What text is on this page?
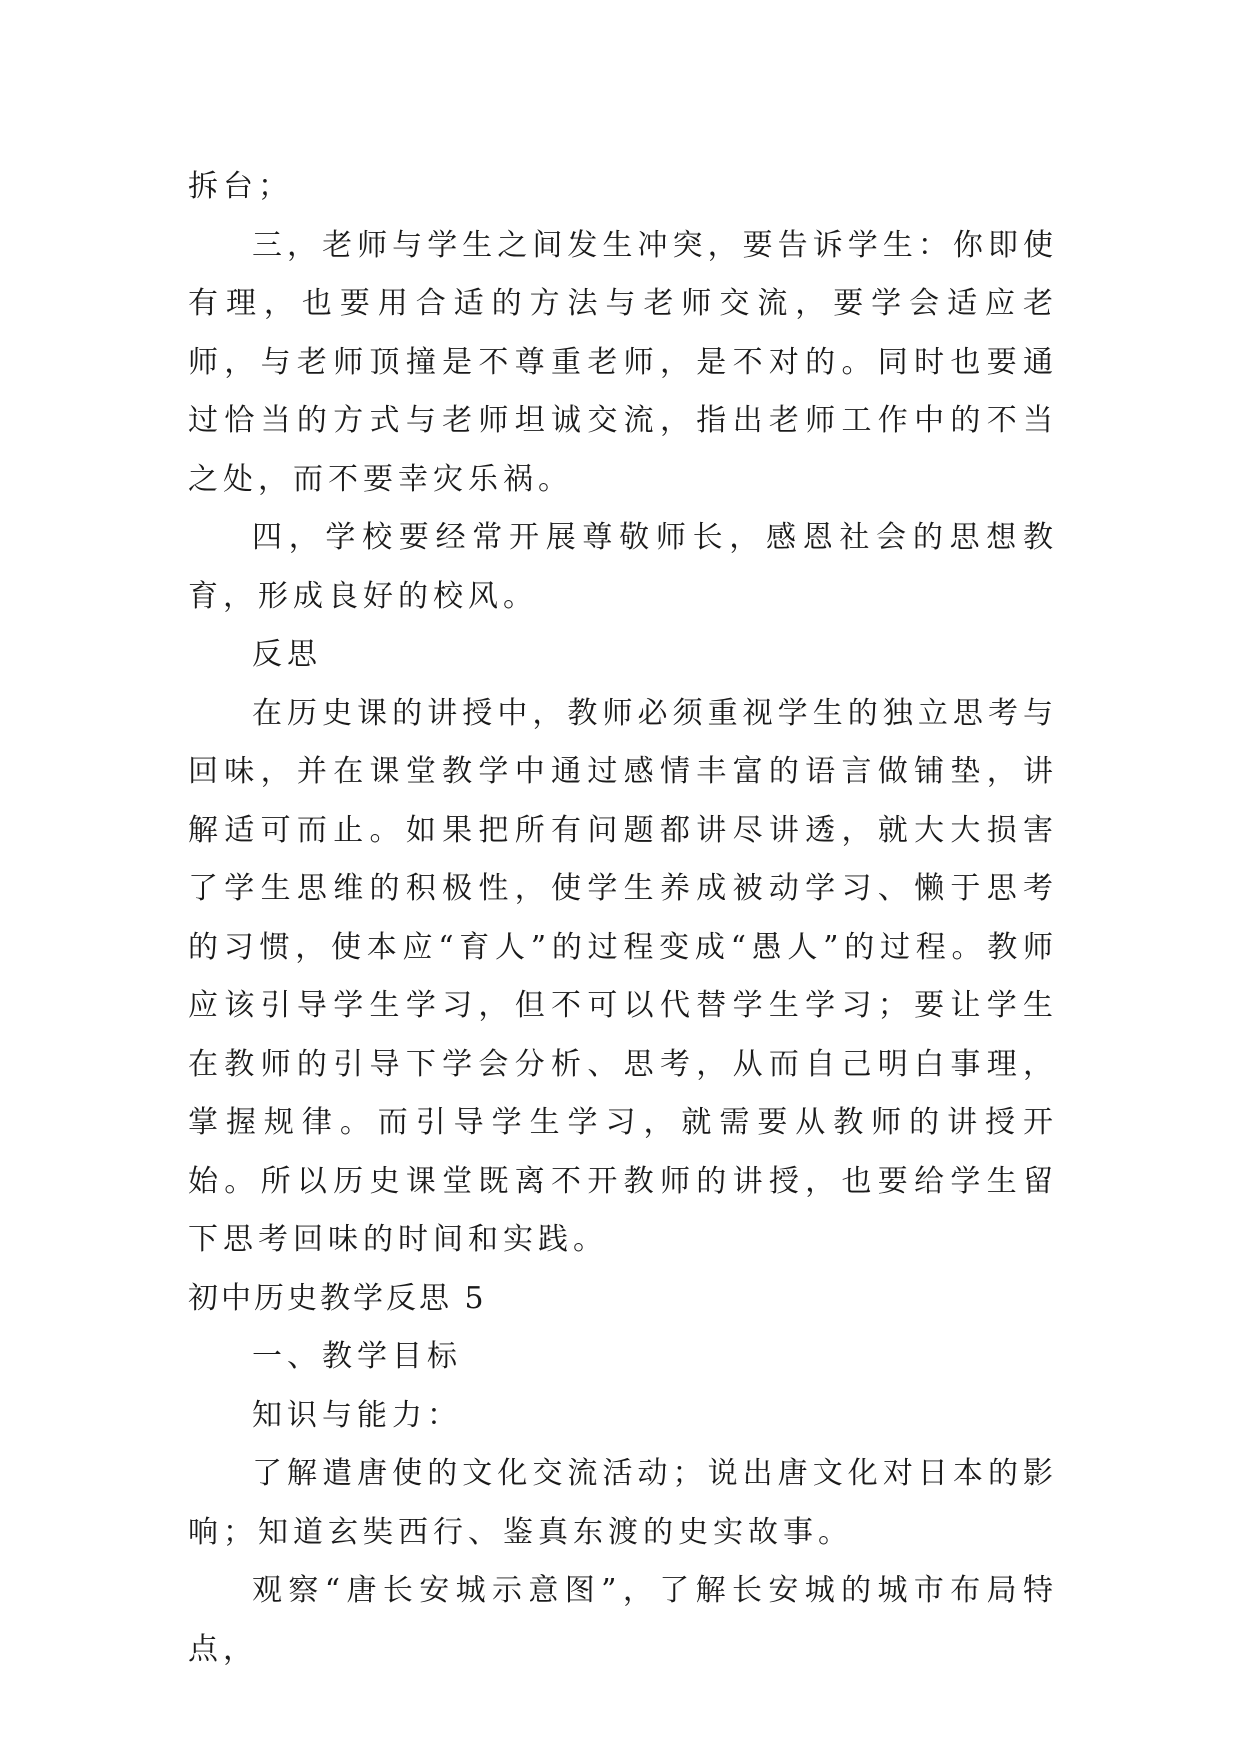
拆台；

三，老师与学生之间发生冲突，要告诉学生：你即使有理，也要用合适的方法与老师交流，要学会适应老师，与老师顶撞是不尊重老师，是不对的。同时也要通过恰当的方式与老师坦诚交流，指出老师工作中的不当之处，而不要幸灾乐祸。

四，学校要经常开展尊敬师长，感恩社会的思想教育，形成良好的校风。

反思

在历史课的讲授中，教师必须重视学生的独立思考与回味，并在课堂教学中通过感情丰富的语言做铺垫，讲解适可而止。如果把所有问题都讲尽讲透，就大大损害了学生思维的积极性，使学生养成被动学习、懒于思考的习惯，使本应“育人”的过程变成“愚人”的过程。教师应该引导学生学习，但不可以代替学生学习；要让学生在教师的引导下学会分析、思考，从而自己明白事理，掌握规律。而引导学生学习，就需要从教师的讲授开始。所以历史课堂既离不开教师的讲授，也要给学生留下思考回味的时间和实践。

初中历史教学反思 5

一、教学目标

知识与能力：

了解遣唐使的文化交流活动；说出唐文化对日本的影响；知道玄奘西行、鉴真东渡的史实故事。

观察“唐长安城示意图”，了解长安城的城市布局特点，
